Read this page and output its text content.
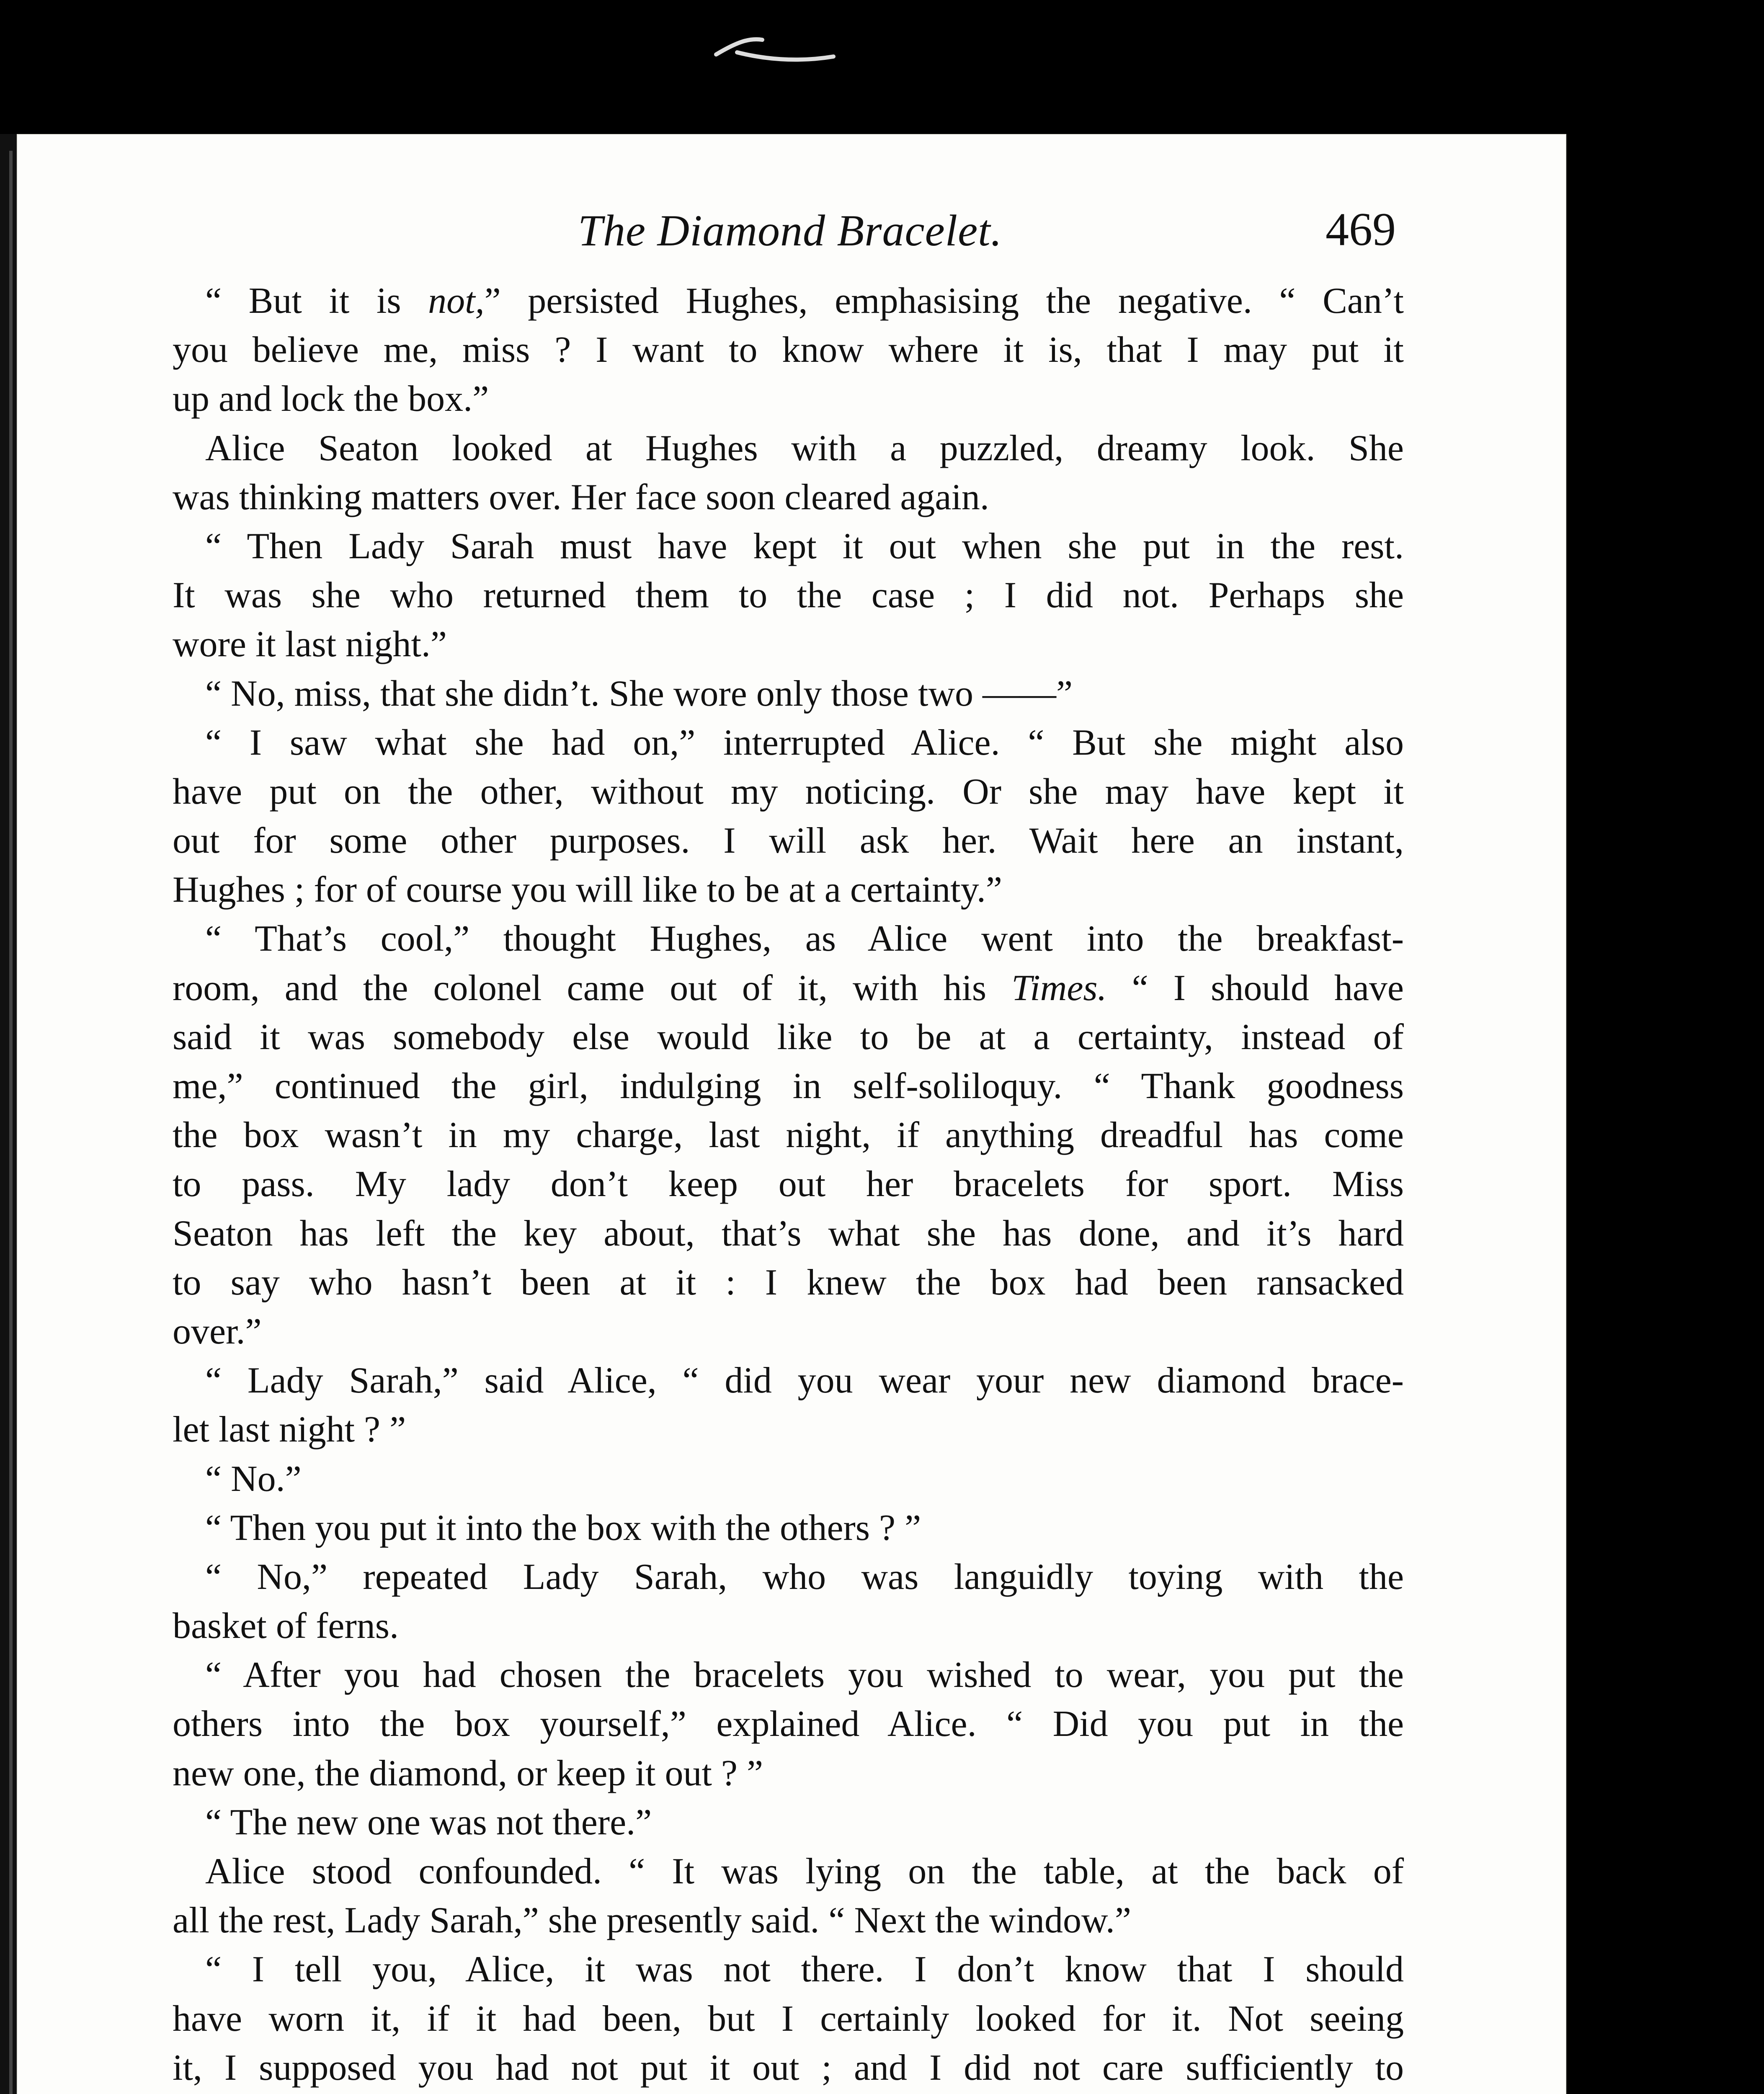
The Diamond Bracelet.	469
“ But it is not,” persisted Hughes, emphasising the negative. “ Can’t
you believe me, miss ? I want to know where it is, that I may put it
up and lock the box.”
Alice Seaton looked at Hughes with a puzzled, dreamy look. She
was thinking matters over. Her face soon cleared again.
“ Then Lady Sarah must have kept it out when she put in the rest.
It was she who returned them to the case ; I did not. Perhaps she
wore it last night.”
“ No, miss, that she didn’t. She wore only those two ——”
“ I saw what she had on,” interrupted Alice. “ But she might also
have put on the other, without my noticing. Or she may have kept it
out for some other purposes. I will ask her. Wait here an instant,
Hughes ; for of course you will like to be at a certainty.”
“ That’s cool,” thought Hughes, as Alice went into the breakfast-
room, and the colonel came out of it, with his Times. “ I should have
said it was somebody else would like to be at a certainty, instead of
me,” continued the girl, indulging in self-soliloquy. “ Thank goodness
the box wasn’t in my charge, last night, if anything dreadful has come
to pass. My lady don’t keep out her bracelets for sport. Miss
Seaton has left the key about, that’s what she has done, and it’s hard
to say who hasn’t been at it : I knew the box had been ransacked
over.”
“ Lady Sarah,” said Alice, “ did you wear your new diamond brace-
let last night ? ”
“ No.”
“ Then you put it into the box with the others ? ”
“ No,” repeated Lady Sarah, who was languidly toying with the
basket of ferns.
“ After you had chosen the bracelets you wished to wear, you put the
others into the box yourself,” explained Alice. “ Did you put in the
new one, the diamond, or keep it out ? ”
“ The new one was not there.”
Alice stood confounded. “ It was lying on the table, at the back of
all the rest, Lady Sarah,” she presently said. “ Next the window.”
“ I tell you, Alice, it was not there. I don’t know that I should
have worn it, if it had been, but I certainly looked for it. Not seeing
it, I supposed you had not put it out ; and I did not care sufficiently to
